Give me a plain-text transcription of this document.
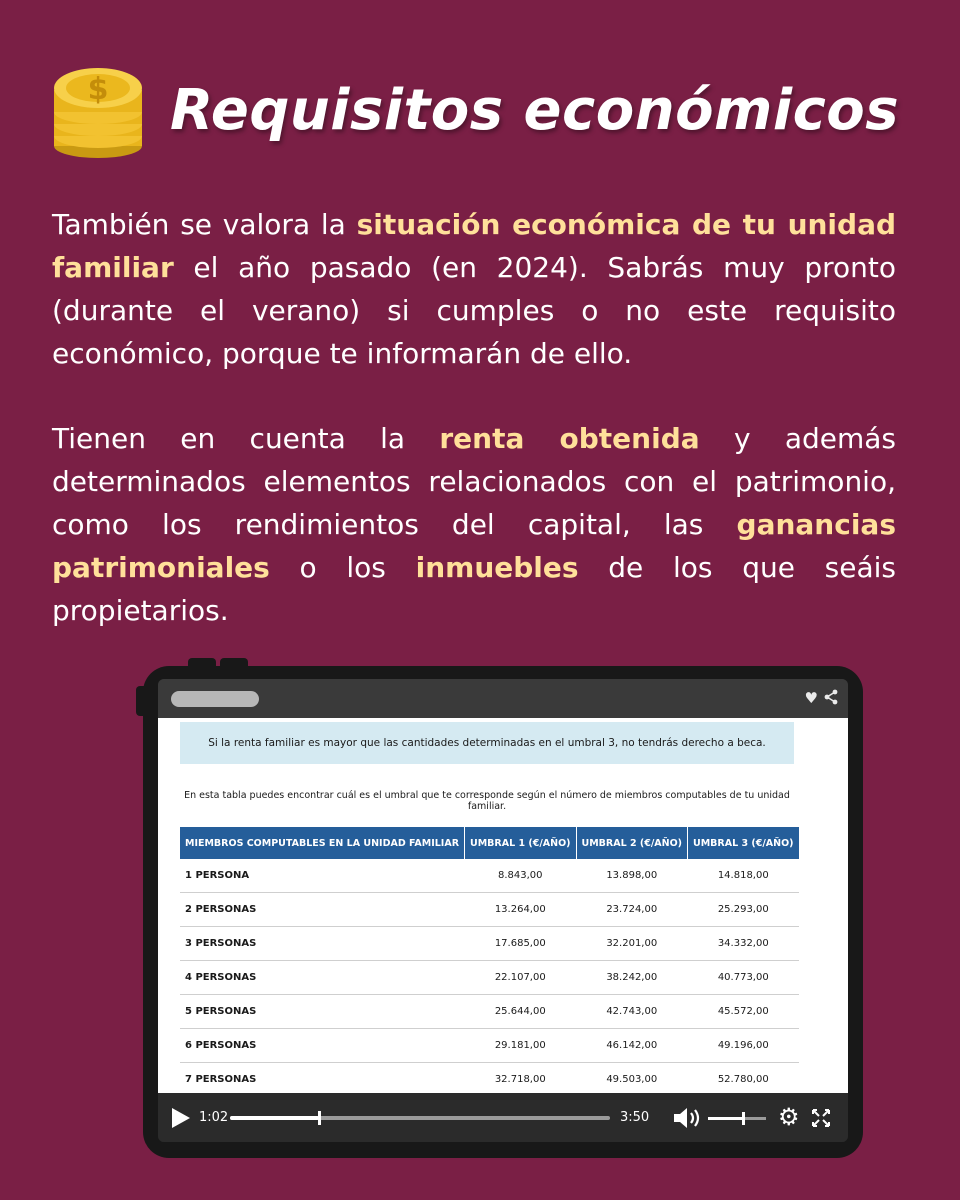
$ Requisitos económicos
También se valora la situación económica de tu unidad familiar el año pasado (en 2024). Sabrás muy pronto (durante el verano) si cumples o no este requisito económico, porque te informarán de ello.
Tienen en cuenta la renta obtenida y además determinados elementos relacionados con el patrimonio, como los rendimientos del capital, las ganancias patrimoniales o los inmuebles de los que seáis propietarios.
♥
Si la renta familiar es mayor que las cantidades determinadas en el umbral 3, no tendrás derecho a beca.
En esta tabla puedes encontrar cuál es el umbral que te corresponde según el número de miembros computables de tu unidad familiar.
MIEMBROS COMPUTABLES EN LA UNIDAD FAMILIAR	UMBRAL 1 (€/AÑO)	UMBRAL 2 (€/AÑO)	UMBRAL 3 (€/AÑO)
1 PERSONA	8.843,00	13.898,00	14.818,00
2 PERSONAS	13.264,00	23.724,00	25.293,00
3 PERSONAS	17.685,00	32.201,00	34.332,00
4 PERSONAS	22.107,00	38.242,00	40.773,00
5 PERSONAS	25.644,00	42.743,00	45.572,00
6 PERSONAS	29.181,00	46.142,00	49.196,00
7 PERSONAS	32.718,00	49.503,00	52.780,00
1:02	3:50	⚙
